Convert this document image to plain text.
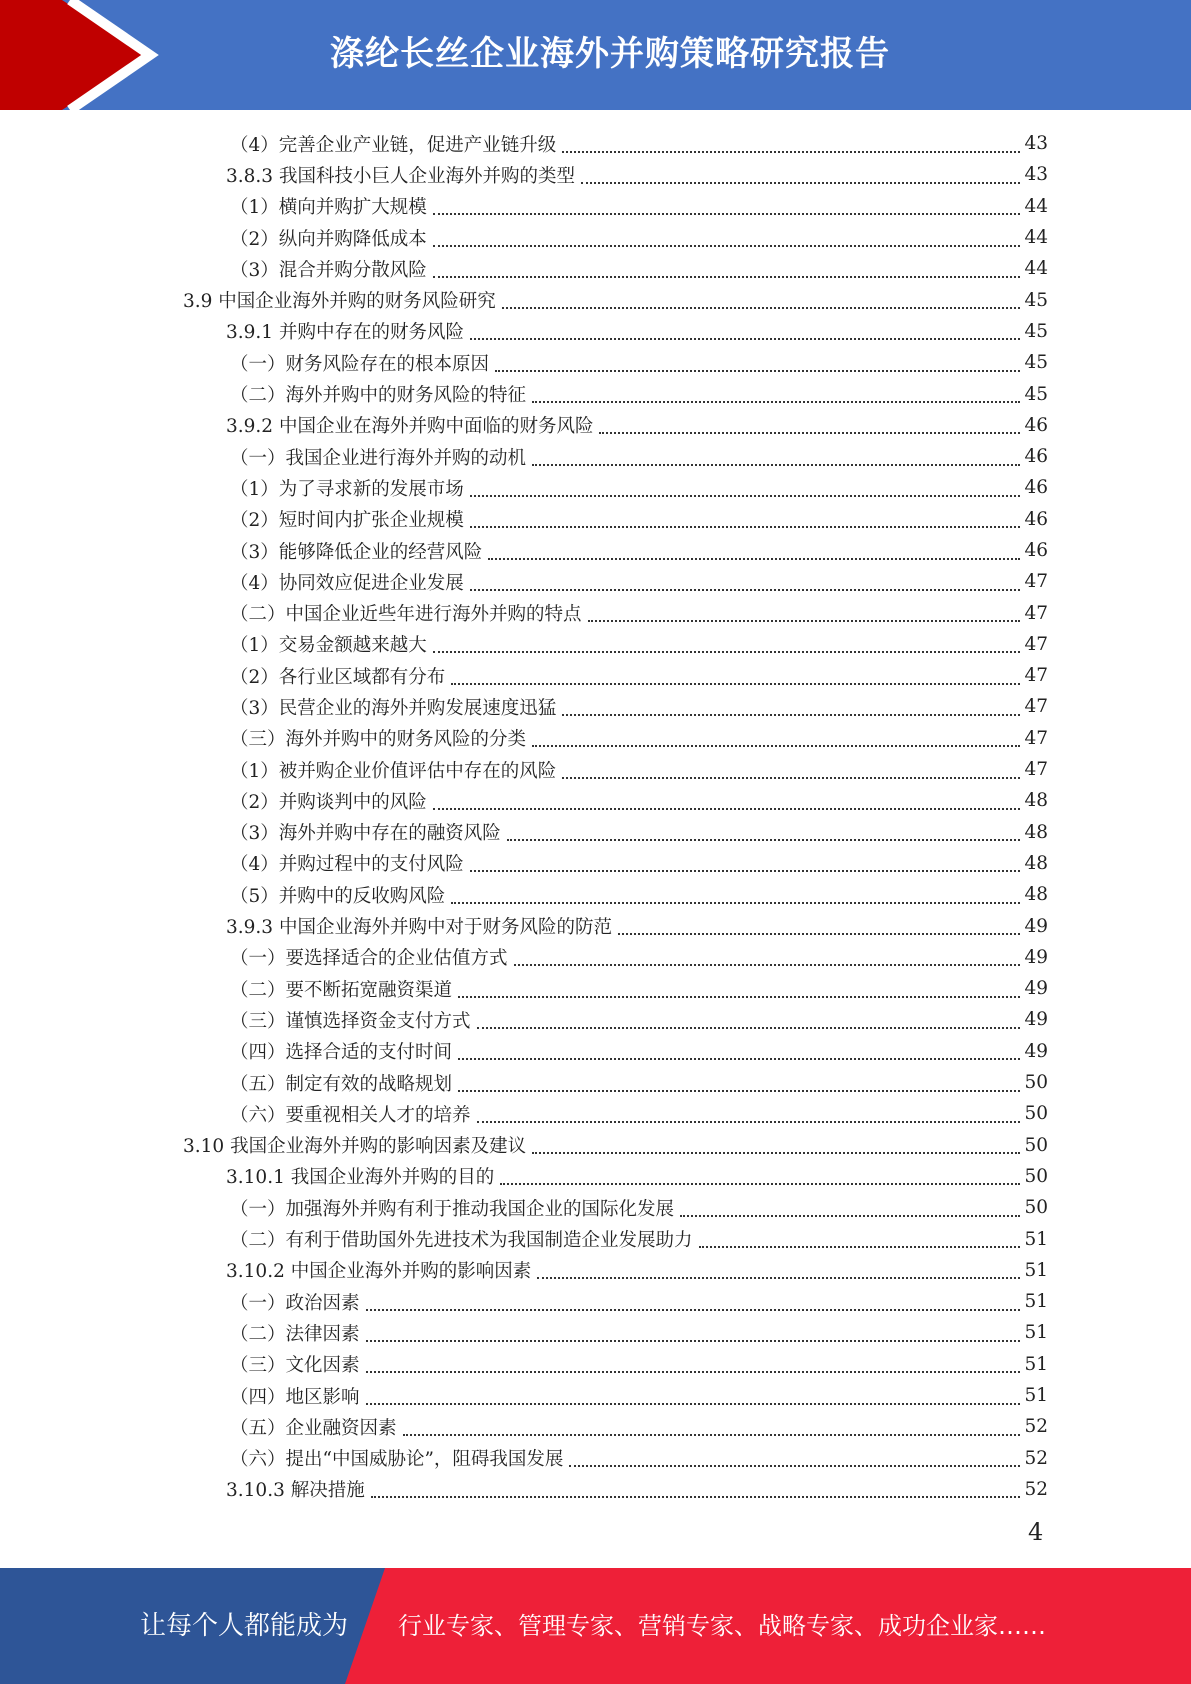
涤纶长丝企业海外并购策略研究报告
（4）完善企业产业链，促进产业链升级	43
3.8.3 我国科技小巨人企业海外并购的类型	43
（1）横向并购扩大规模	44
（2）纵向并购降低成本	44
（3）混合并购分散风险	44
3.9 中国企业海外并购的财务风险研究	45
3.9.1 并购中存在的财务风险	45
（一）财务风险存在的根本原因	45
（二）海外并购中的财务风险的特征	45
3.9.2 中国企业在海外并购中面临的财务风险	46
（一）我国企业进行海外并购的动机	46
（1）为了寻求新的发展市场	46
（2）短时间内扩张企业规模	46
（3）能够降低企业的经营风险	46
（4）协同效应促进企业发展	47
（二）中国企业近些年进行海外并购的特点	47
（1）交易金额越来越大	47
（2）各行业区域都有分布	47
（3）民营企业的海外并购发展速度迅猛	47
（三）海外并购中的财务风险的分类	47
（1）被并购企业价值评估中存在的风险	47
（2）并购谈判中的风险	48
（3）海外并购中存在的融资风险	48
（4）并购过程中的支付风险	48
（5）并购中的反收购风险	48
3.9.3 中国企业海外并购中对于财务风险的防范	49
（一）要选择适合的企业估值方式	49
（二）要不断拓宽融资渠道	49
（三）谨慎选择资金支付方式	49
（四）选择合适的支付时间	49
（五）制定有效的战略规划	50
（六）要重视相关人才的培养	50
3.10 我国企业海外并购的影响因素及建议	50
3.10.1 我国企业海外并购的目的	50
（一）加强海外并购有利于推动我国企业的国际化发展	50
（二）有利于借助国外先进技术为我国制造企业发展助力	51
3.10.2 中国企业海外并购的影响因素	51
（一）政治因素	51
（二）法律因素	51
（三）文化因素	51
（四）地区影响	51
（五）企业融资因素	52
（六）提出“中国威胁论”，阻碍我国发展	52
3.10.3 解决措施	52
4
让每个人都能成为 行业专家、管理专家、营销专家、战略专家、成功企业家……
